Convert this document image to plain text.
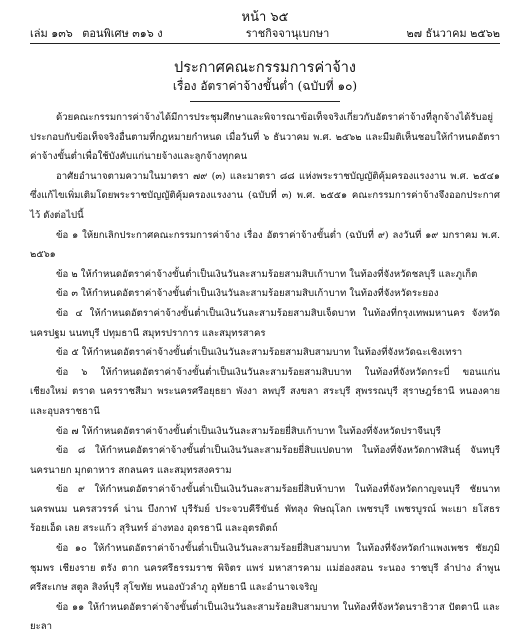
หน้า ๖๕
เล่ม ๑๓๖ ตอนพิเศษ ๓๑๖ ง	ราชกิจจานุเบกษา	๒๗ ธันวาคม ๒๕๖๒
ประกาศคณะกรรมการค่าจ้าง
เรื่อง อัตราค่าจ้างขั้นต่ำ (ฉบับที่ ๑๐)

ด้วยคณะกรรมการค่าจ้างได้มีการประชุมศึกษาและพิจารณาข้อเท็จจริงเกี่ยวกับอัตราค่าจ้างที่ลูกจ้างได้รับอยู่ ประกอบกับข้อเท็จจริงอื่นตามที่กฎหมายกำหนด เมื่อวันที่ ๖ ธันวาคม พ.ศ. ๒๕๖๒ และมีมติเห็นชอบให้กำหนดอัตราค่าจ้างขั้นต่ำเพื่อใช้บังคับแก่นายจ้างและลูกจ้างทุกคน

อาศัยอำนาจตามความในมาตรา ๗๙ (๓) และมาตรา ๘๘ แห่งพระราชบัญญัติคุ้มครองแรงงาน พ.ศ. ๒๕๔๑ ซึ่งแก้ไขเพิ่มเติมโดยพระราชบัญญัติคุ้มครองแรงงาน (ฉบับที่ ๓) พ.ศ. ๒๕๕๑ คณะกรรมการค่าจ้างจึงออกประกาศไว้ ดังต่อไปนี้

ข้อ ๑ ให้ยกเลิกประกาศคณะกรรมการค่าจ้าง เรื่อง อัตราค่าจ้างขั้นต่ำ (ฉบับที่ ๙) ลงวันที่ ๑๙ มกราคม พ.ศ. ๒๕๖๑

ข้อ ๒ ให้กำหนดอัตราค่าจ้างขั้นต่ำเป็นเงินวันละสามร้อยสามสิบเก้าบาท ในท้องที่จังหวัดชลบุรี และภูเก็ต

ข้อ ๓ ให้กำหนดอัตราค่าจ้างขั้นต่ำเป็นเงินวันละสามร้อยสามสิบเก้าบาท ในท้องที่จังหวัดระยอง

ข้อ ๔ ให้กำหนดอัตราค่าจ้างขั้นต่ำเป็นเงินวันละสามร้อยสามสิบเจ็ดบาท ในท้องที่กรุงเทพมหานคร จังหวัดนครปฐม นนทบุรี ปทุมธานี สมุทรปราการ และสมุทรสาคร

ข้อ ๕ ให้กำหนดอัตราค่าจ้างขั้นต่ำเป็นเงินวันละสามร้อยสามสิบสามบาท ในท้องที่จังหวัดฉะเชิงเทรา

ข้อ ๖ ให้กำหนดอัตราค่าจ้างขั้นต่ำเป็นเงินวันละสามร้อยสามสิบบาท ในท้องที่จังหวัดกระบี่ ขอนแก่น เชียงใหม่ ตราด นครราชสีมา พระนครศรีอยุธยา พังงา ลพบุรี สงขลา สระบุรี สุพรรณบุรี สุราษฎร์ธานี หนองคาย และอุบลราชธานี

ข้อ ๗ ให้กำหนดอัตราค่าจ้างขั้นต่ำเป็นเงินวันละสามร้อยยี่สิบเก้าบาท ในท้องที่จังหวัดปราจีนบุรี

ข้อ ๘ ให้กำหนดอัตราค่าจ้างขั้นต่ำเป็นเงินวันละสามร้อยยี่สิบแปดบาท ในท้องที่จังหวัดกาฬสินธุ์ จันทบุรี นครนายก มุกดาหาร สกลนคร และสมุทรสงคราม

ข้อ ๙ ให้กำหนดอัตราค่าจ้างขั้นต่ำเป็นเงินวันละสามร้อยยี่สิบห้าบาท ในท้องที่จังหวัดกาญจนบุรี ชัยนาท นครพนม นครสวรรค์ น่าน บึงกาฬ บุรีรัมย์ ประจวบคีรีขันธ์ พัทลุง พิษณุโลก เพชรบุรี เพชรบูรณ์ พะเยา ยโสธร ร้อยเอ็ด เลย สระแก้ว สุรินทร์ อ่างทอง อุดรธานี และอุตรดิตถ์

ข้อ ๑๐ ให้กำหนดอัตราค่าจ้างขั้นต่ำเป็นเงินวันละสามร้อยยี่สิบสามบาท ในท้องที่จังหวัดกำแพงเพชร ชัยภูมิ ชุมพร เชียงราย ตรัง ตาก นครศรีธรรมราช พิจิตร แพร่ มหาสารคาม แม่ฮ่องสอน ระนอง ราชบุรี ลำปาง ลำพูน ศรีสะเกษ สตูล สิงห์บุรี สุโขทัย หนองบัวลำภู อุทัยธานี และอำนาจเจริญ

ข้อ ๑๑ ให้กำหนดอัตราค่าจ้างขั้นต่ำเป็นเงินวันละสามร้อยสิบสามบาท ในท้องที่จังหวัดนราธิวาส ปัตตานี และยะลา
